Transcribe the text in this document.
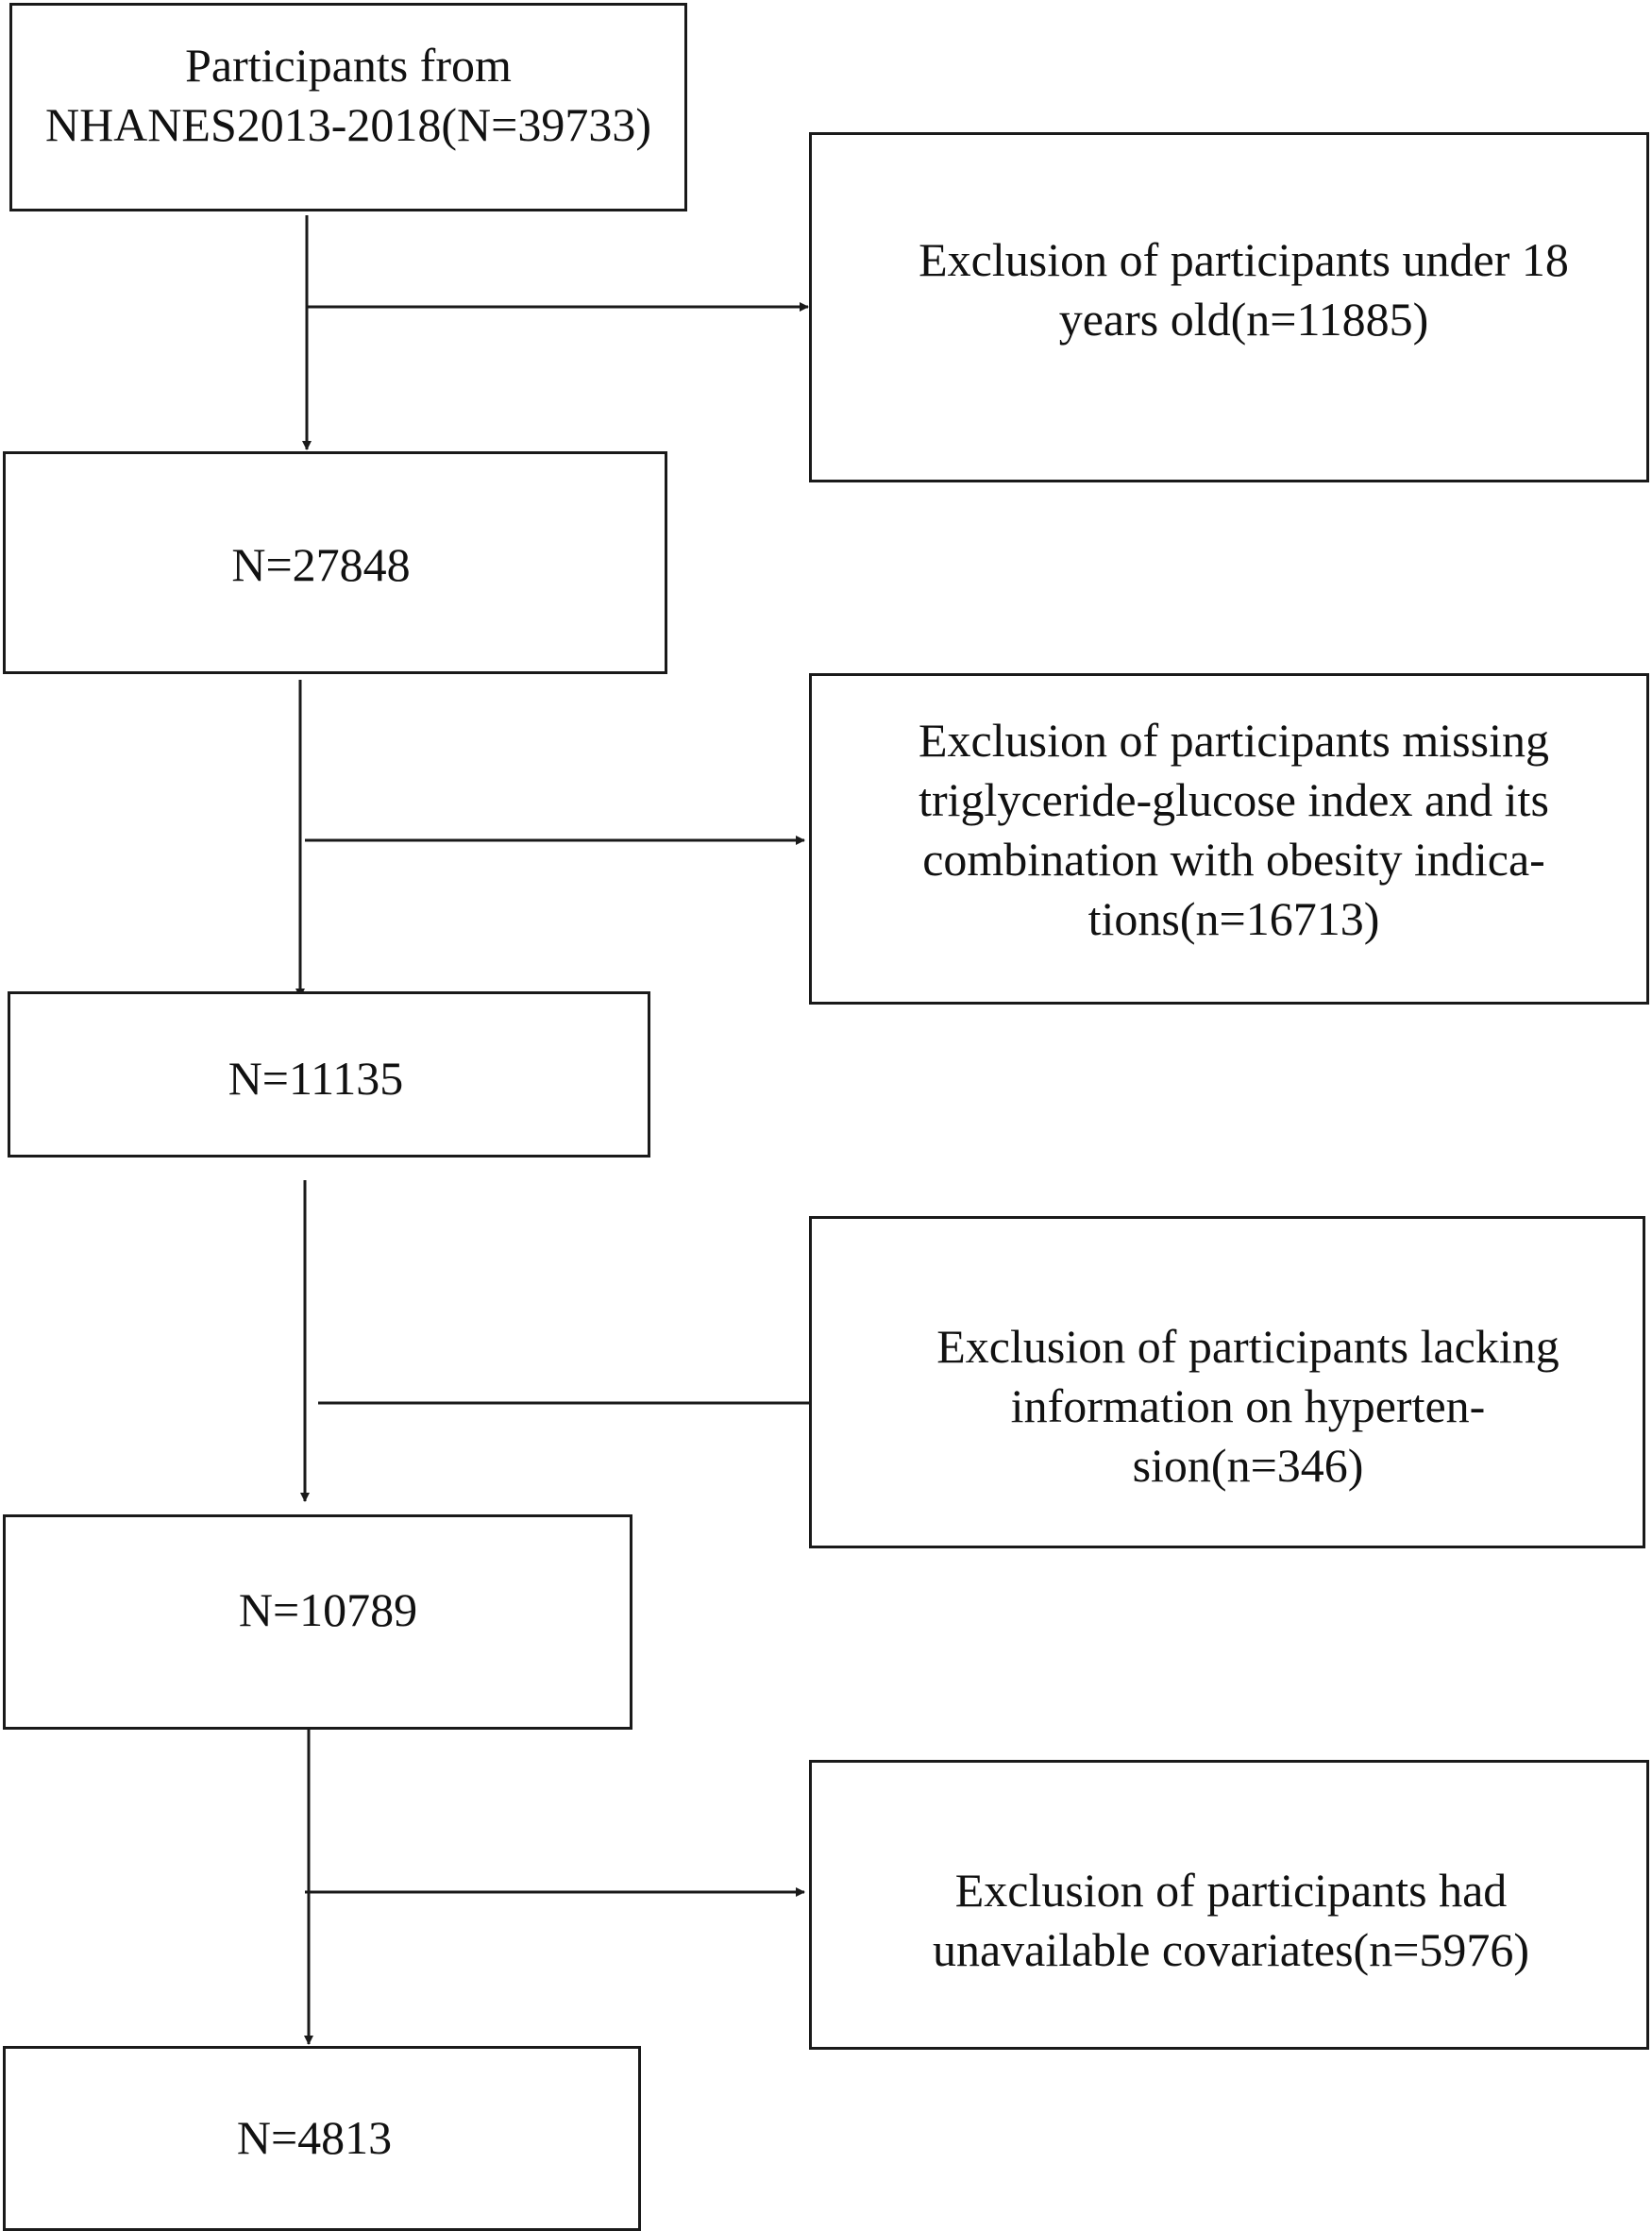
Participants from
NHANES2013-2018(N=39733)
N=27848
N=11135
N=10789
N=4813
Exclusion of participants under 18
years old(n=11885)
Exclusion of participants missing
triglyceride-glucose index and its
combination with obesity indica-
tions(n=16713)
Exclusion of participants lacking
information on hyperten-
sion(n=346)
Exclusion of participants had
unavailable covariates(n=5976)
